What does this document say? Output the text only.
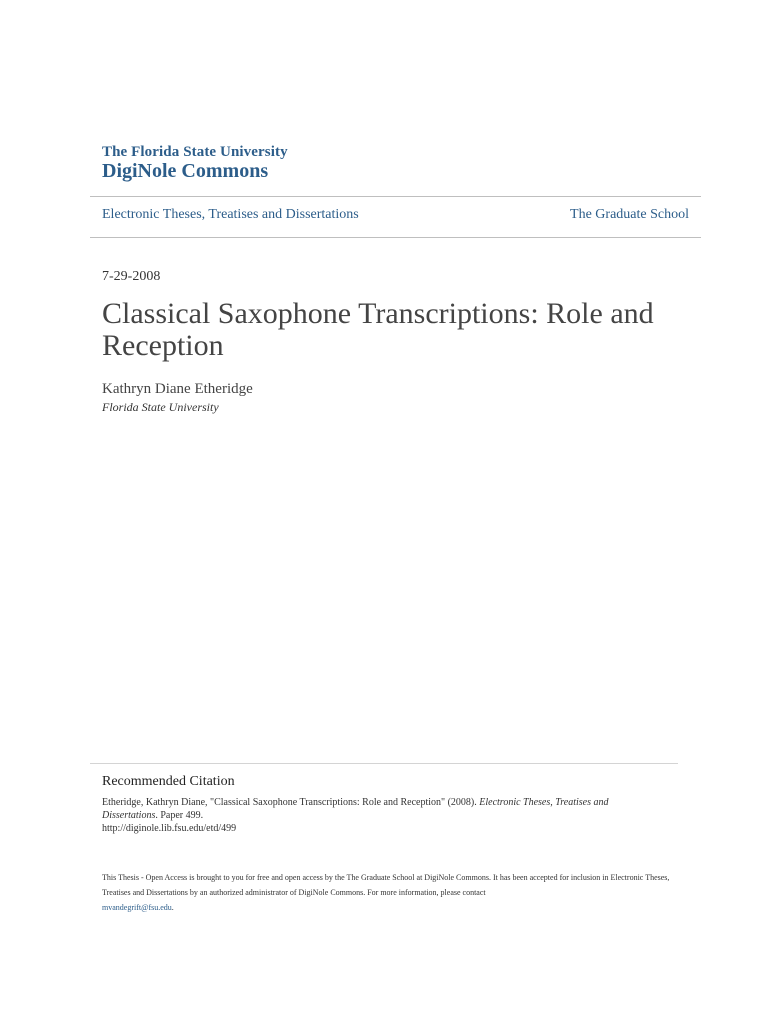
The Florida State University
DigiNole Commons
Electronic Theses, Treatises and Dissertations	The Graduate School
7-29-2008
Classical Saxophone Transcriptions: Role and Reception
Kathryn Diane Etheridge
Florida State University
Recommended Citation
Etheridge, Kathryn Diane, "Classical Saxophone Transcriptions: Role and Reception" (2008). Electronic Theses, Treatises and Dissertations. Paper 499.
http://diginole.lib.fsu.edu/etd/499
This Thesis - Open Access is brought to you for free and open access by the The Graduate School at DigiNole Commons. It has been accepted for inclusion in Electronic Theses, Treatises and Dissertations by an authorized administrator of DigiNole Commons. For more information, please contact
mvandegrift@fsu.edu.
